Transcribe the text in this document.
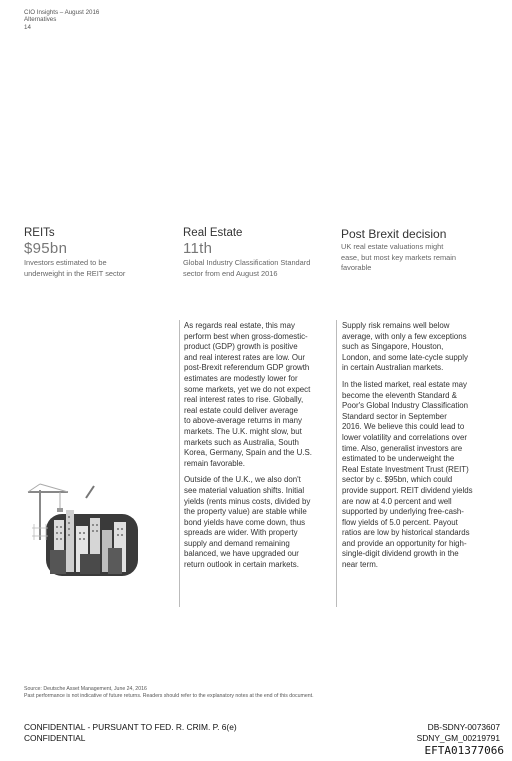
CIO Insights – August 2016
Alternatives
14
REITs
$95bn
Investors estimated to be
underweight in the REIT sector
Real Estate
11th
Global Industry Classification Standard
sector from end August 2016
Post Brexit decision
UK real estate valuations might
ease, but most key markets remain
favorable

As regards real estate, this may
perform best when gross-domestic-
product (GDP) growth is positive
and real interest rates are low. Our
post-Brexit referendum GDP growth
estimates are modestly lower for
some markets, yet we do not expect
real interest rates to rise. Globally,
real estate could deliver average
to above-average returns in many
markets. The U.K. might slow, but
markets such as Australia, South
Korea, Germany, Spain and the U.S.
remain favorable.

Outside of the U.K., we also don't
see material valuation shifts. Initial
yields (rents minus costs, divided by
the property value) are stable while
bond yields have come down, thus
spreads are wider. With property
supply and demand remaining
balanced, we have upgraded our
return outlook in certain markets.

Supply risk remains well below
average, with only a few exceptions
such as Singapore, Houston,
London, and some late-cycle supply
in certain Australian markets.

In the listed market, real estate may
become the eleventh Standard &
Poor's Global Industry Classification
Standard sector in September
2016. We believe this could lead to
lower volatility and correlations over
time. Also, generalist investors are
estimated to be underweight the
Real Estate Investment Trust (REIT)
sector by c. $95bn, which could
provide support. REIT dividend yields
are now at 4.0 percent and well
supported by underlying free-cash-
flow yields of 5.0 percent. Payout
ratios are low by historical standards
and provide an opportunity for high-
single-digit dividend growth in the
near term.

Source: Deutsche Asset Management, June 24, 2016
Past performance is not indicative of future returns. Readers should refer to the explanatory notes at the end of this document.
CONFIDENTIAL - PURSUANT TO FED. R. CRIM. P. 6(e)
CONFIDENTIAL
DB-SDNY-0073607
SDNY_GM_00219791
EFTA01377066
